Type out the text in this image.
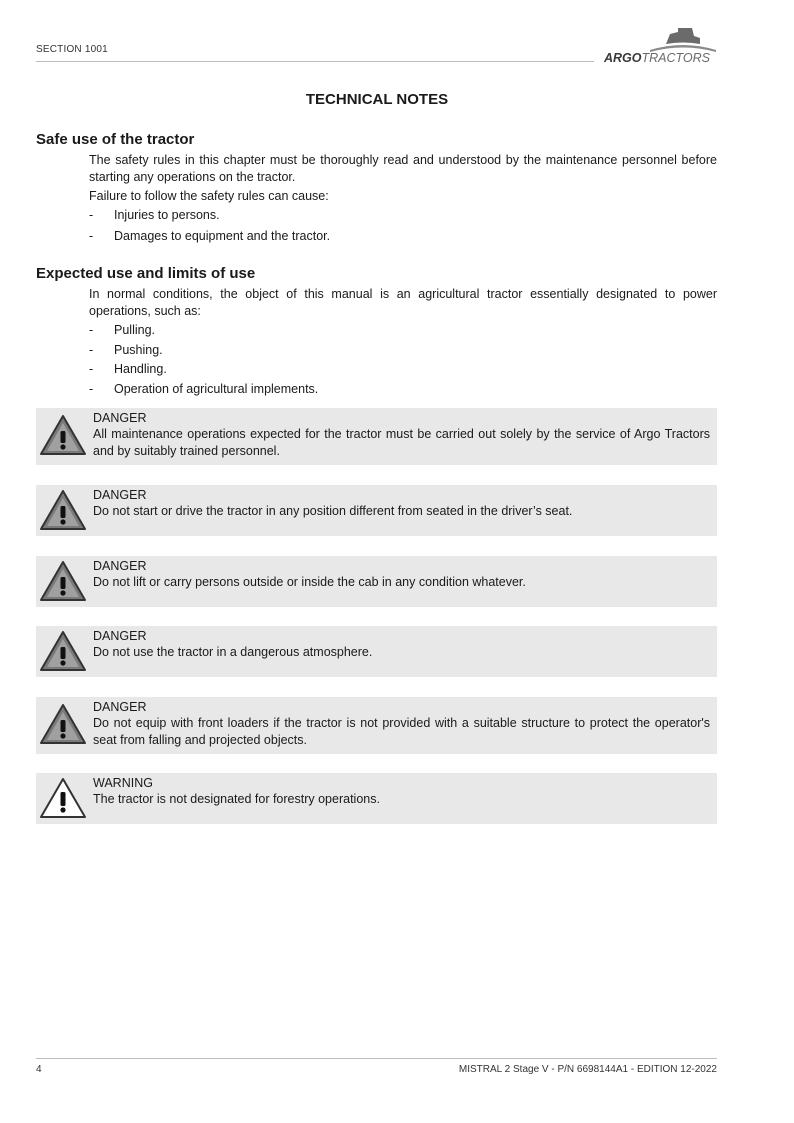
SECTION 1001
ARGOTRACTORS
TECHNICAL NOTES
Safe use of the tractor

The safety rules in this chapter must be thoroughly read and understood by the maintenance personnel before starting any operations on the tractor.

Failure to follow the safety rules can cause:

- Injuries to persons.
- Damages to equipment and the tractor.
Expected use and limits of use

In normal conditions, the object of this manual is an agricultural tractor essentially designated to power operations, such as:

- Pulling.
- Pushing.
- Handling.
- Operation of agricultural implements.
DANGER
All maintenance operations expected for the tractor must be carried out solely by the service of Argo Tractors and by suitably trained personnel.
DANGER
Do not start or drive the tractor in any position different from seated in the driver’s seat.
DANGER
Do not lift or carry persons outside or inside the cab in any condition whatever.
DANGER
Do not use the tractor in a dangerous atmosphere.
DANGER
Do not equip with front loaders if the tractor is not provided with a suitable structure to protect the operator's seat from falling and projected objects.
WARNING
The tractor is not designated for forestry operations.
4	MISTRAL 2 Stage V - P/N 6698144A1 - EDITION 12-2022
